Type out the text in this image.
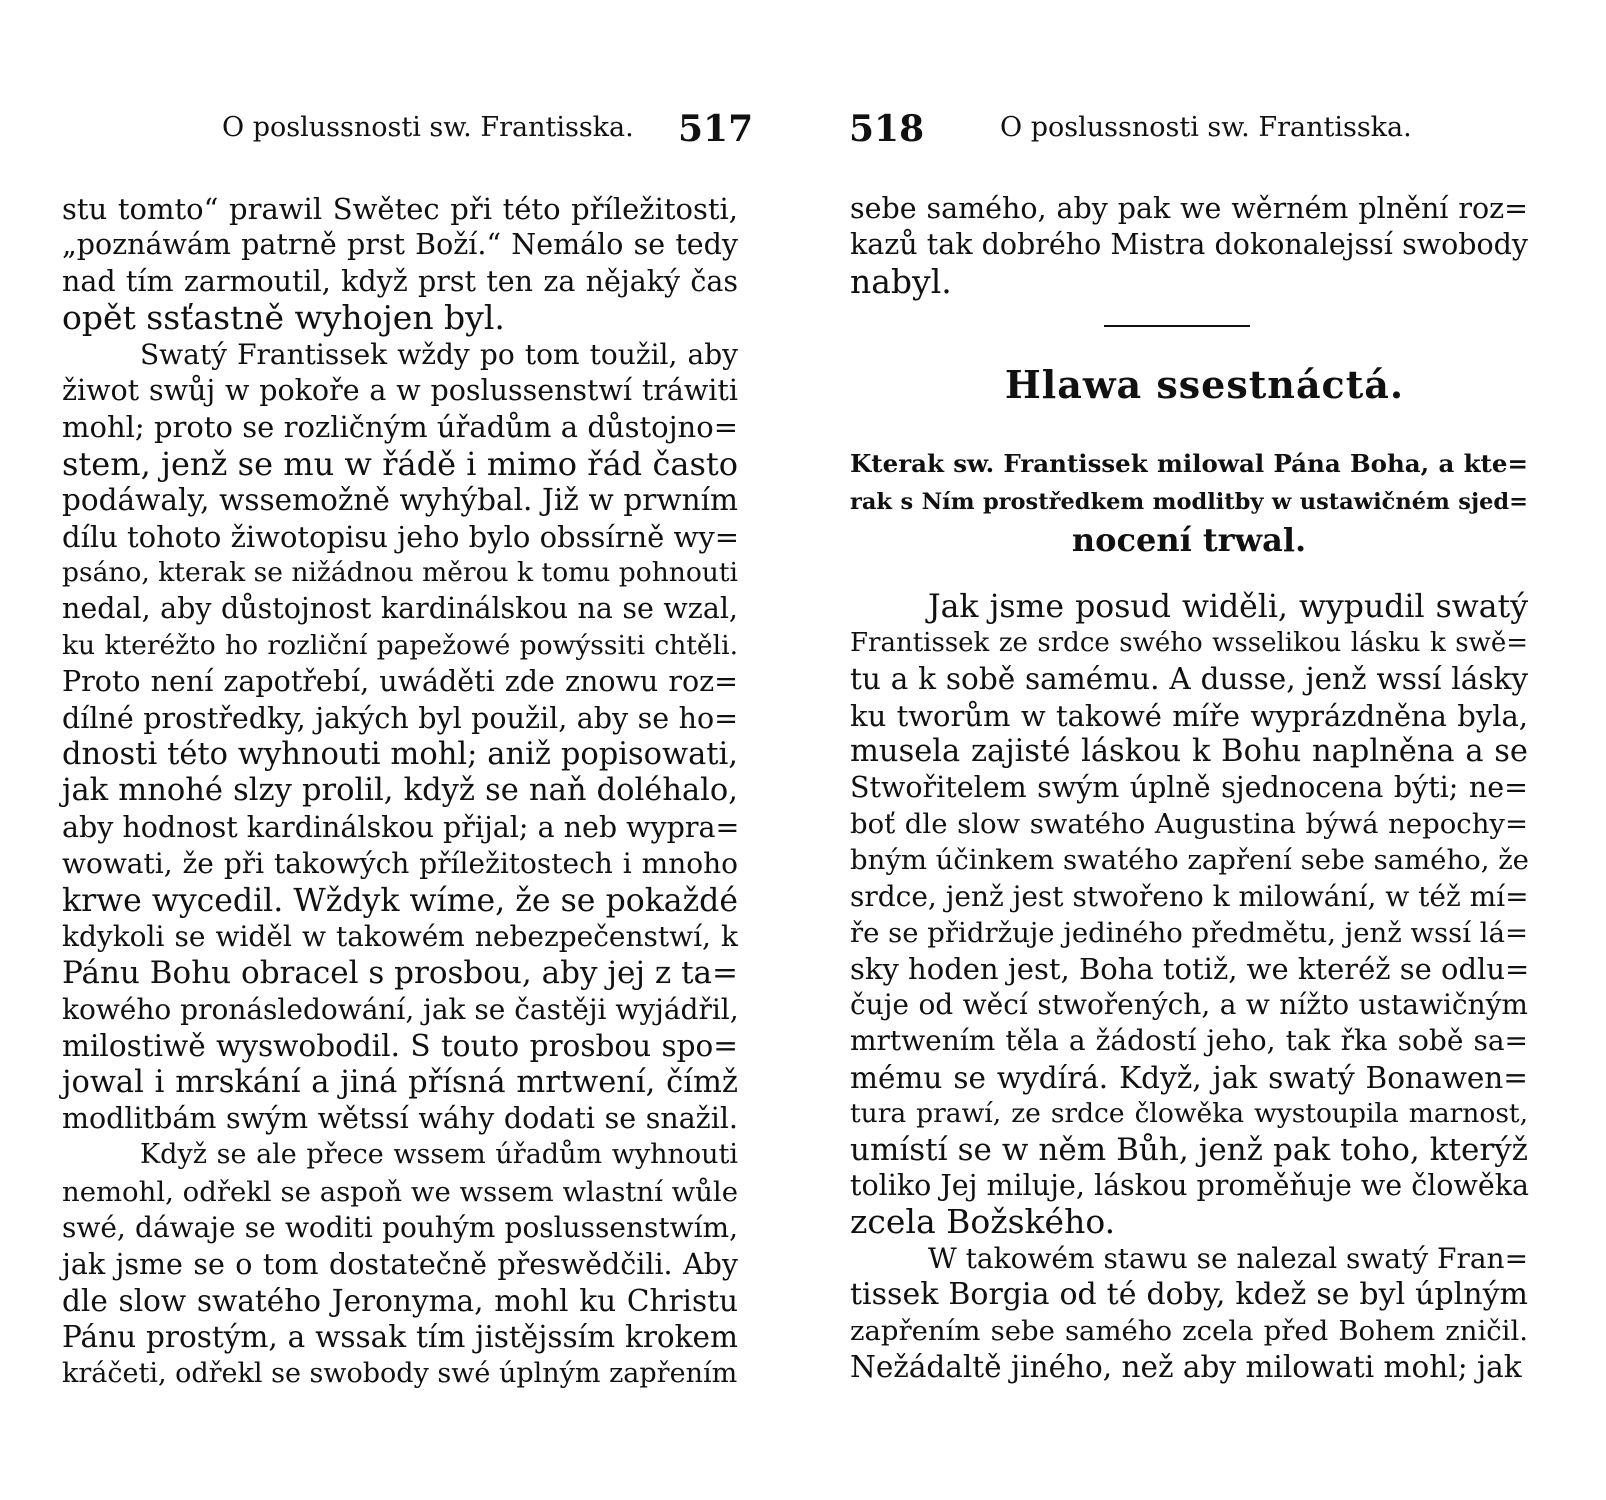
O poslussnosti sw. Frantisska. 517
stu tomto“ prawil Swětec při této příležitosti,
„poznáwám patrně prst Boží.“ Nemálo se tedy
nad tím zarmoutil, když prst ten za nějaký čas
opět ssťastně wyhojen byl.
Swatý Frantissek wždy po tom toužil, aby
žiwot swůj w pokoře a w poslussenstwí tráwiti
mohl; proto se rozličným úřadům a důstojno=
stem, jenž se mu w řádě i mimo řád často
podáwaly, wssemožně wyhýbal. Již w prwním
dílu tohoto žiwotopisu jeho bylo obssírně wy=
psáno, kterak se nižádnou měrou k tomu pohnouti
nedal, aby důstojnost kardinálskou na se wzal,
ku kteréžto ho rozliční papežowé powýssiti chtěli.
Proto není zapotřebí, uwáděti zde znowu roz=
dílné prostředky, jakých byl použil, aby se ho=
dnosti této wyhnouti mohl; aniž popisowati,
jak mnohé slzy prolil, když se naň doléhalo,
aby hodnost kardinálskou přijal; a neb wypra=
wowati, že při takowých příležitostech i mnoho
krwe wycedil. Wždyk wíme, že se pokaždé
kdykoli se widěl w takowém nebezpečenstwí, k
Pánu Bohu obracel s prosbou, aby jej z ta=
kowého pronásledowání, jak se častěji wyjádřil,
milostiwě wyswobodil. S touto prosbou spo=
jowal i mrskání a jiná přísná mrtwení, čímž
modlitbám swým wětssí wáhy dodati se snažil.
Když se ale přece wssem úřadům wyhnouti
nemohl, odřekl se aspoň we wssem wlastní wůle
swé, dáwaje se woditi pouhým poslussenstwím,
jak jsme se o tom dostatečně přeswědčili. Aby
dle slow swatého Jeronyma, mohl ku Christu
Pánu prostým, a wssak tím jistějssím krokem
kráčeti, odřekl se swobody swé úplným zapřením
518	O poslussnosti sw. Frantisska.
sebe samého, aby pak we wěrném plnění roz=
kazů tak dobrého Mistra dokonalejssí swobody
nabyl.
Hlawa ssestnáctá.
Kterak sw. Frantissek milowal Pána Boha, a kte=
rak s Ním prostředkem modlitby w ustawičném sjed=
nocení trwal.
Jak jsme posud widěli, wypudil swatý
Frantissek ze srdce swého wsselikou lásku k swě=
tu a k sobě samému. A dusse, jenž wssí lásky
ku tworům w takowé míře wyprázdněna byla,
musela zajisté láskou k Bohu naplněna a se
Stwořitelem swým úplně sjednocena býti; ne=
boť dle slow swatého Augustina býwá nepochy=
bným účinkem swatého zapření sebe samého, že
srdce, jenž jest stwořeno k milowání, w též mí=
ře se přidržuje jediného předmětu, jenž wssí lá=
sky hoden jest, Boha totiž, we kteréž se odlu=
čuje od wěcí stwořených, a w nížto ustawičným
mrtwením těla a žádostí jeho, tak řka sobě sa=
mému se wydírá. Když, jak swatý Bonawen=
tura prawí, ze srdce člowěka wystoupila marnost,
umístí se w něm Bůh, jenž pak toho, kterýž
toliko Jej miluje, láskou proměňuje we člowěka
zcela Božského.
W takowém stawu se nalezal swatý Fran=
tissek Borgia od té doby, kdež se byl úplným
zapřením sebe samého zcela před Bohem zničil.
Nežádaltě jiného, než aby milowati mohl; jak
